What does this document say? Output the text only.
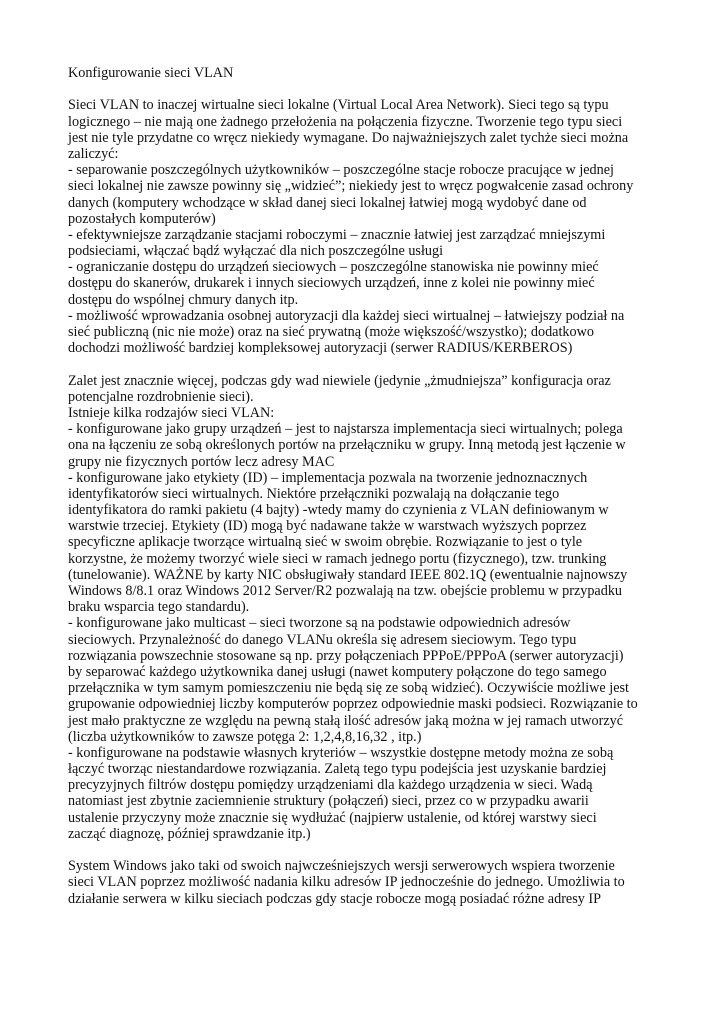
Konfigurowanie sieci VLAN
Sieci VLAN to inaczej wirtualne sieci lokalne (Virtual Local Area Network). Sieci tego są typu
logicznego – nie mają one żadnego przełożenia na połączenia fizyczne. Tworzenie tego typu sieci
jest nie tyle przydatne co wręcz niekiedy wymagane. Do najważniejszych zalet tychże sieci można
zaliczyć:
- separowanie poszczególnych użytkowników – poszczególne stacje robocze pracujące w jednej
sieci lokalnej nie zawsze powinny się „widzieć”; niekiedy jest to wręcz pogwałcenie zasad ochrony
danych (komputery wchodzące w skład danej sieci lokalnej łatwiej mogą wydobyć dane od
pozostałych komputerów)
- efektywniejsze zarządzanie stacjami roboczymi – znacznie łatwiej jest zarządzać mniejszymi
podsieciami, włączać bądź wyłączać dla nich poszczególne usługi
- ograniczanie dostępu do urządzeń sieciowych – poszczególne stanowiska nie powinny mieć
dostępu do skanerów, drukarek i innych sieciowych urządzeń, inne z kolei nie powinny mieć
dostępu do wspólnej chmury danych itp.
- możliwość wprowadzania osobnej autoryzacji dla każdej sieci wirtualnej – łatwiejszy podział na
sieć publiczną (nic nie może) oraz na sieć prywatną (może większość/wszystko); dodatkowo
dochodzi możliwość bardziej kompleksowej autoryzacji (serwer RADIUS/KERBEROS)
Zalet jest znacznie więcej, podczas gdy wad niewiele (jedynie „żmudniejsza” konfiguracja oraz
potencjalne rozdrobnienie sieci).
Istnieje kilka rodzajów sieci VLAN:
- konfigurowane jako grupy urządzeń – jest to najstarsza implementacja sieci wirtualnych; polega
ona na łączeniu ze sobą określonych portów na przełączniku w grupy. Inną metodą jest łączenie w
grupy nie fizycznych portów lecz adresy MAC
- konfigurowane jako etykiety (ID) – implementacja pozwala na tworzenie jednoznacznych
identyfikatorów sieci wirtualnych. Niektóre przełączniki pozwalają na dołączanie tego
identyfikatora do ramki pakietu (4 bajty) -wtedy mamy do czynienia z VLAN definiowanym w
warstwie trzeciej. Etykiety (ID) mogą być nadawane także w warstwach wyższych poprzez
specyficzne aplikacje tworzące wirtualną sieć w swoim obrębie. Rozwiązanie to jest o tyle
korzystne, że możemy tworzyć wiele sieci w ramach jednego portu (fizycznego), tzw. trunking
(tunelowanie). WAŻNE by karty NIC obsługiwały standard IEEE 802.1Q (ewentualnie najnowszy
Windows 8/8.1 oraz Windows 2012 Server/R2 pozwalają na tzw. obejście problemu w przypadku
braku wsparcia tego standardu).
- konfigurowane jako multicast – sieci tworzone są na podstawie odpowiednich adresów
sieciowych. Przynależność do danego VLANu określa się adresem sieciowym. Tego typu
rozwiązania powszechnie stosowane są np. przy połączeniach PPPoE/PPPoA (serwer autoryzacji)
by separować każdego użytkownika danej usługi (nawet komputery połączone do tego samego
przełącznika w tym samym pomieszczeniu nie będą się ze sobą widzieć). Oczywiście możliwe jest
grupowanie odpowiedniej liczby komputerów poprzez odpowiednie maski podsieci. Rozwiązanie to
jest mało praktyczne ze względu na pewną stałą ilość adresów jaką można w jej ramach utworzyć
(liczba użytkowników to zawsze potęga 2: 1,2,4,8,16,32 , itp.)
- konfigurowane na podstawie własnych kryteriów – wszystkie dostępne metody można ze sobą
łączyć tworząc niestandardowe rozwiązania. Zaletą tego typu podejścia jest uzyskanie bardziej
precyzyjnych filtrów dostępu pomiędzy urządzeniami dla każdego urządzenia w sieci. Wadą
natomiast jest zbytnie zaciemnienie struktury (połączeń) sieci, przez co w przypadku awarii
ustalenie przyczyny może znacznie się wydłużać (najpierw ustalenie, od której warstwy sieci
zacząć diagnozę, później sprawdzanie itp.)
System Windows jako taki od swoich najwcześniejszych wersji serwerowych wspiera tworzenie
sieci VLAN poprzez możliwość nadania kilku adresów IP jednocześnie do jednego. Umożliwia to
działanie serwera w kilku sieciach podczas gdy stacje robocze mogą posiadać różne adresy IP
